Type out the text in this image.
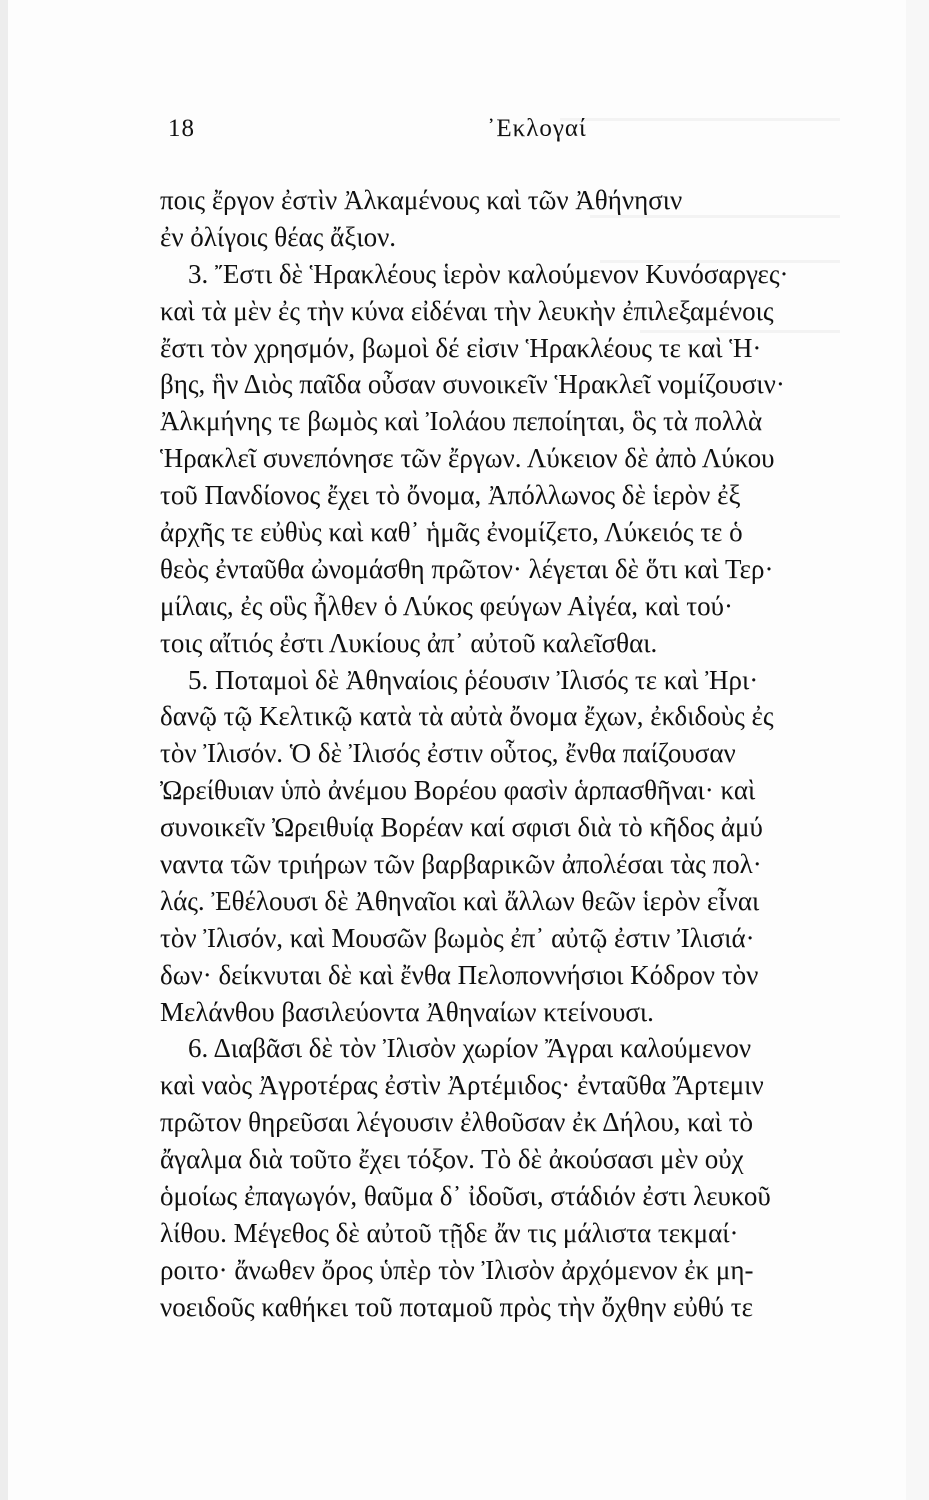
18	᾿Εκλογαί
ποις ἔργον ἐστὶν Ἀλκαμένους καὶ τῶν Ἀθήνησιν
ἐν ὀλίγοις θέας ἄξιον.
3. Ἔστι δὲ Ἡρακλέους ἱερὸν καλούμενον Κυνόσαργες·
καὶ τὰ μὲν ἐς τὴν κύνα εἰδέναι τὴν λευκὴν ἐπιλεξαμένοις
ἔστι τὸν χρησμόν, βωμοὶ δέ εἰσιν Ἡρακλέους τε καὶ Ἡ·
βης, ἣν Διὸς παῖδα οὖσαν συνοικεῖν Ἡρακλεῖ νομίζουσιν·
Ἀλκμήνης τε βωμὸς καὶ Ἰολάου πεποίηται, ὃς τὰ πολλὰ
Ἡρακλεῖ συνεπόνησε τῶν ἔργων. Λύκειον δὲ ἀπὸ Λύκου
τοῦ Πανδίονος ἔχει τὸ ὄνομα, Ἀπόλλωνος δὲ ἱερὸν ἐξ
ἀρχῆς τε εὐθὺς καὶ καθ᾿ ἡμᾶς ἐνομίζετο, Λύκειός τε ὁ
θεὸς ἐνταῦθα ὠνομάσθη πρῶτον· λέγεται δὲ ὅτι καὶ Τερ·
μίλαις, ἐς οὓς ἦλθεν ὁ Λύκος φεύγων Αἰγέα, καὶ τού·
τοις αἴτιός ἐστι Λυκίους ἀπ᾿ αὐτοῦ καλεῖσθαι.
5. Ποταμοὶ δὲ Ἀθηναίοις ῥέουσιν Ἰλισός τε καὶ Ἠρι·
δανῷ τῷ Κελτικῷ κατὰ τὰ αὐτὰ ὄνομα ἔχων, ἐκδιδοὺς ἐς
τὸν Ἰλισόν. Ὁ δὲ Ἰλισός ἐστιν οὗτος, ἔνθα παίζουσαν
Ὠρείθυιαν ὑπὸ ἀνέμου Βορέου φασὶν ἁρπασθῆναι· καὶ
συνοικεῖν Ὠρειθυίᾳ Βορέαν καί σφισι διὰ τὸ κῆδος ἀμύ
ναντα τῶν τριήρων τῶν βαρβαρικῶν ἀπολέσαι τὰς πολ·
λάς. Ἐθέλουσι δὲ Ἀθηναῖοι καὶ ἄλλων θεῶν ἱερὸν εἶναι
τὸν Ἰλισόν, καὶ Μουσῶν βωμὸς ἐπ᾿ αὐτῷ ἐστιν Ἰλισιά·
δων· δείκνυται δὲ καὶ ἔνθα Πελοποννήσιοι Κόδρον τὸν
Μελάνθου βασιλεύοντα Ἀθηναίων κτείνουσι.
6. Διαβᾶσι δὲ τὸν Ἰλισὸν χωρίον Ἄγραι καλούμενον
καὶ ναὸς Ἀγροτέρας ἐστὶν Ἀρτέμιδος· ἐνταῦθα Ἄρτεμιν
πρῶτον θηρεῦσαι λέγουσιν ἐλθοῦσαν ἐκ Δήλου, καὶ τὸ
ἄγαλμα διὰ τοῦτο ἔχει τόξον. Τὸ δὲ ἀκούσασι μὲν οὐχ
ὁμοίως ἐπαγωγόν, θαῦμα δ᾿ ἰδοῦσι, στάδιόν ἐστι λευκοῦ
λίθου. Μέγεθος δὲ αὐτοῦ τῇδε ἄν τις μάλιστα τεκμαί·
ροιτο· ἄνωθεν ὄρος ὑπὲρ τὸν Ἰλισὸν ἀρχόμενον ἐκ μη-
νοειδοῦς καθήκει τοῦ ποταμοῦ πρὸς τὴν ὄχθην εὐθύ τε
